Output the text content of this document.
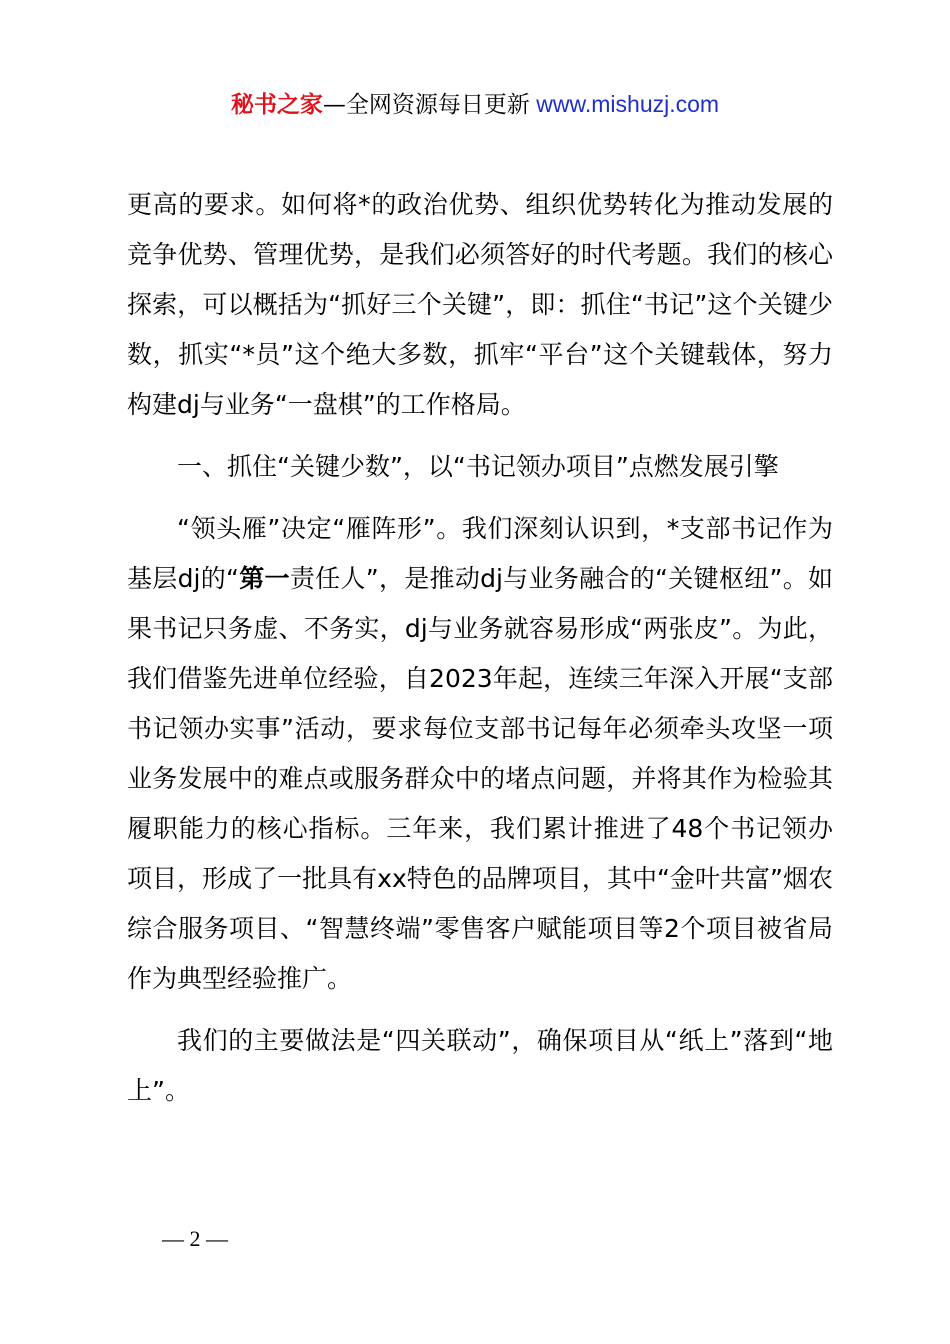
秘书之家—全网资源每日更新 www.mishuzj.com

更高的要求。如何将*的政治优势、组织优势转化为推动发展的竞争优势、管理优势，是我们必须答好的时代考题。我们的核心探索，可以概括为“抓好三个关键”，即：抓住“书记”这个关键少数，抓实“*员”这个绝大多数，抓牢“平台”这个关键载体，努力构建dj与业务“一盘棋”的工作格局。

一、抓住“关键少数”，以“书记领办项目”点燃发展引擎

“领头雁”决定“雁阵形”。我们深刻认识到，*支部书记作为基层dj的“第一责任人”，是推动dj与业务融合的“关键枢纽”。如果书记只务虚、不务实，dj与业务就容易形成“两张皮”。为此，我们借鉴先进单位经验，自2023年起，连续三年深入开展“支部书记领办实事”活动，要求每位支部书记每年必须牵头攻坚一项业务发展中的难点或服务群众中的堵点问题，并将其作为检验其履职能力的核心指标。三年来，我们累计推进了48个书记领办项目，形成了一批具有xx特色的品牌项目，其中“金叶共富”烟农综合服务项目、“智慧终端”零售客户赋能项目等2个项目被省局作为典型经验推广。

我们的主要做法是“四关联动”，确保项目从“纸上”落到“地上”。

— 2 —
